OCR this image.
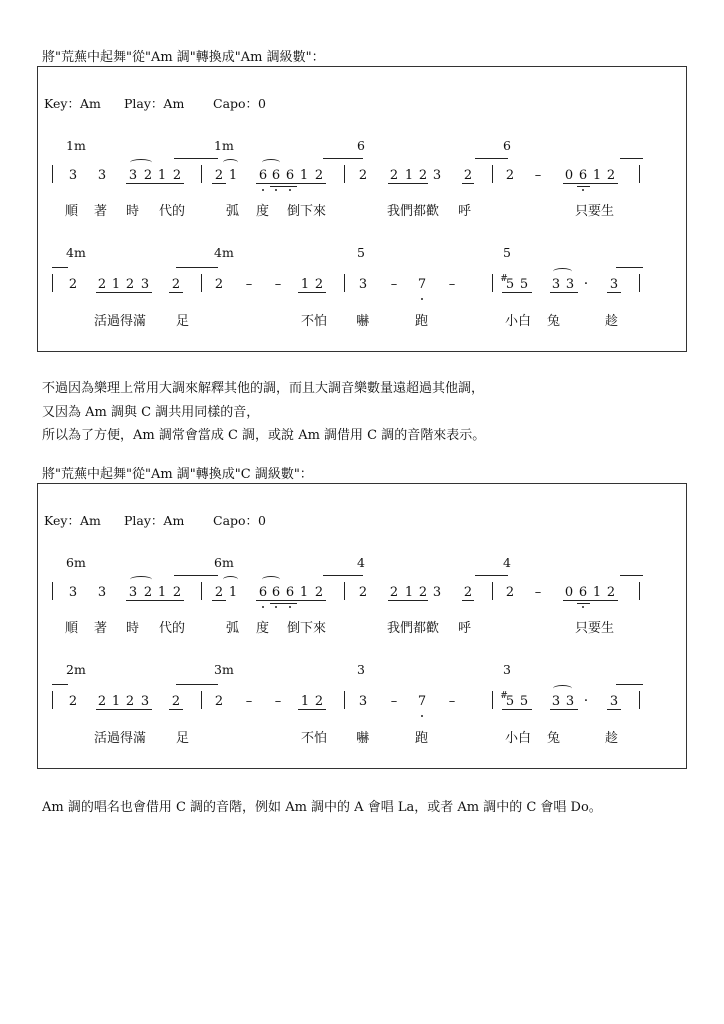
將"荒蕪中起舞"從"Am 調"轉換成"Am 調級數"：
Key：Am Play：Am Capo：0
1m	1m	6	6
3 3 3 2 1 2	2 1 6 6 6 1 2	2 2 1 2 3 2	2 – 0 6 1 2
順 著 時 代的	弧 度 倒下來	我們都歡 呼	只要生
4m	4m	5	5
2 2 1 2 3 2	2 – – 1 2	3 – 7 –	#
5 5 3 3 ·	3
活過得滿 足	不怕 嚇	跑	小白 兔	趁
不過因為樂理上常用大調來解釋其他的調，而且大調音樂數量遠超過其他調，
又因為 Am 調與 C 調共用同樣的音，
所以為了方便，Am 調常會當成 C 調，或說 Am 調借用 C 調的音階來表示。
將"荒蕪中起舞"從"Am 調"轉換成"C 調級數"：
Key：Am Play：Am Capo：0
6m	6m	4	4
3 3 3 2 1 2	2 1 6 6 6 1 2	2 2 1 2 3 2	2 – 0 6 1 2
順 著 時 代的	弧 度 倒下來	我們都歡 呼	只要生
2m	3m	3	3
2 2 1 2 3 2	2 – – 1 2	3 – 7 –	#
5 5 3 3 ·	3
活過得滿 足	不怕 嚇	跑	小白 兔	趁
Am 調的唱名也會借用 C 調的音階，例如 Am 調中的 A 會唱 La，或者 Am 調中的 C 會唱 Do。
